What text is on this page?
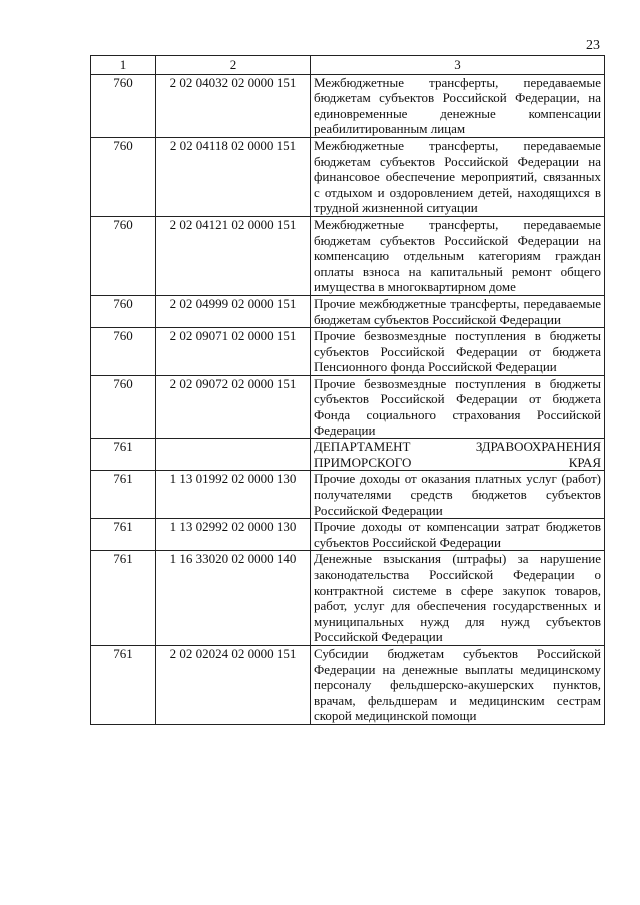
23
1	2	3
760	2 02 04032 02 0000 151	Межбюджетные трансферты, передаваемые бюджетам субъектов Российской Федерации, на единовременные денежные компенсации реабилитированным лицам
760	2 02 04118 02 0000 151	Межбюджетные трансферты, передаваемые бюджетам субъектов Российской Федерации на финансовое обеспечение мероприятий, связанных с отдыхом и оздоровлением детей, находящихся в трудной жизненной ситуации
760	2 02 04121 02 0000 151	Межбюджетные трансферты, передаваемые бюджетам субъектов Российской Федерации на компенсацию отдельным категориям граждан оплаты взноса на капитальный ремонт общего имущества в многоквартирном доме
760	2 02 04999 02 0000 151	Прочие межбюджетные трансферты, передаваемые бюджетам субъектов Российской Федерации
760	2 02 09071 02 0000 151	Прочие безвозмездные поступления в бюджеты субъектов Российской Федерации от бюджета Пенсионного фонда Российской Федерации
760	2 02 09072 02 0000 151	Прочие безвозмездные поступления в бюджеты субъектов Российской Федерации от бюджета Фонда социального страхования Российской Федерации
761		ДЕПАРТАМЕНТ ЗДРАВООХРАНЕНИЯ ПРИМОРСКОГО КРАЯ
761	1 13 01992 02 0000 130	Прочие доходы от оказания платных услуг (работ) получателями средств бюджетов субъектов Российской Федерации
761	1 13 02992 02 0000 130	Прочие доходы от компенсации затрат бюджетов субъектов Российской Федерации
761	1 16 33020 02 0000 140	Денежные взыскания (штрафы) за нарушение законодательства Российской Федерации о контрактной системе в сфере закупок товаров, работ, услуг для обеспечения государственных и муниципальных нужд для нужд субъектов Российской Федерации
761	2 02 02024 02 0000 151	Субсидии бюджетам субъектов Российской Федерации на денежные выплаты медицинскому персоналу фельдшерско-акушерских пунктов, врачам, фельдшерам и медицинским сестрам скорой медицинской помощи
